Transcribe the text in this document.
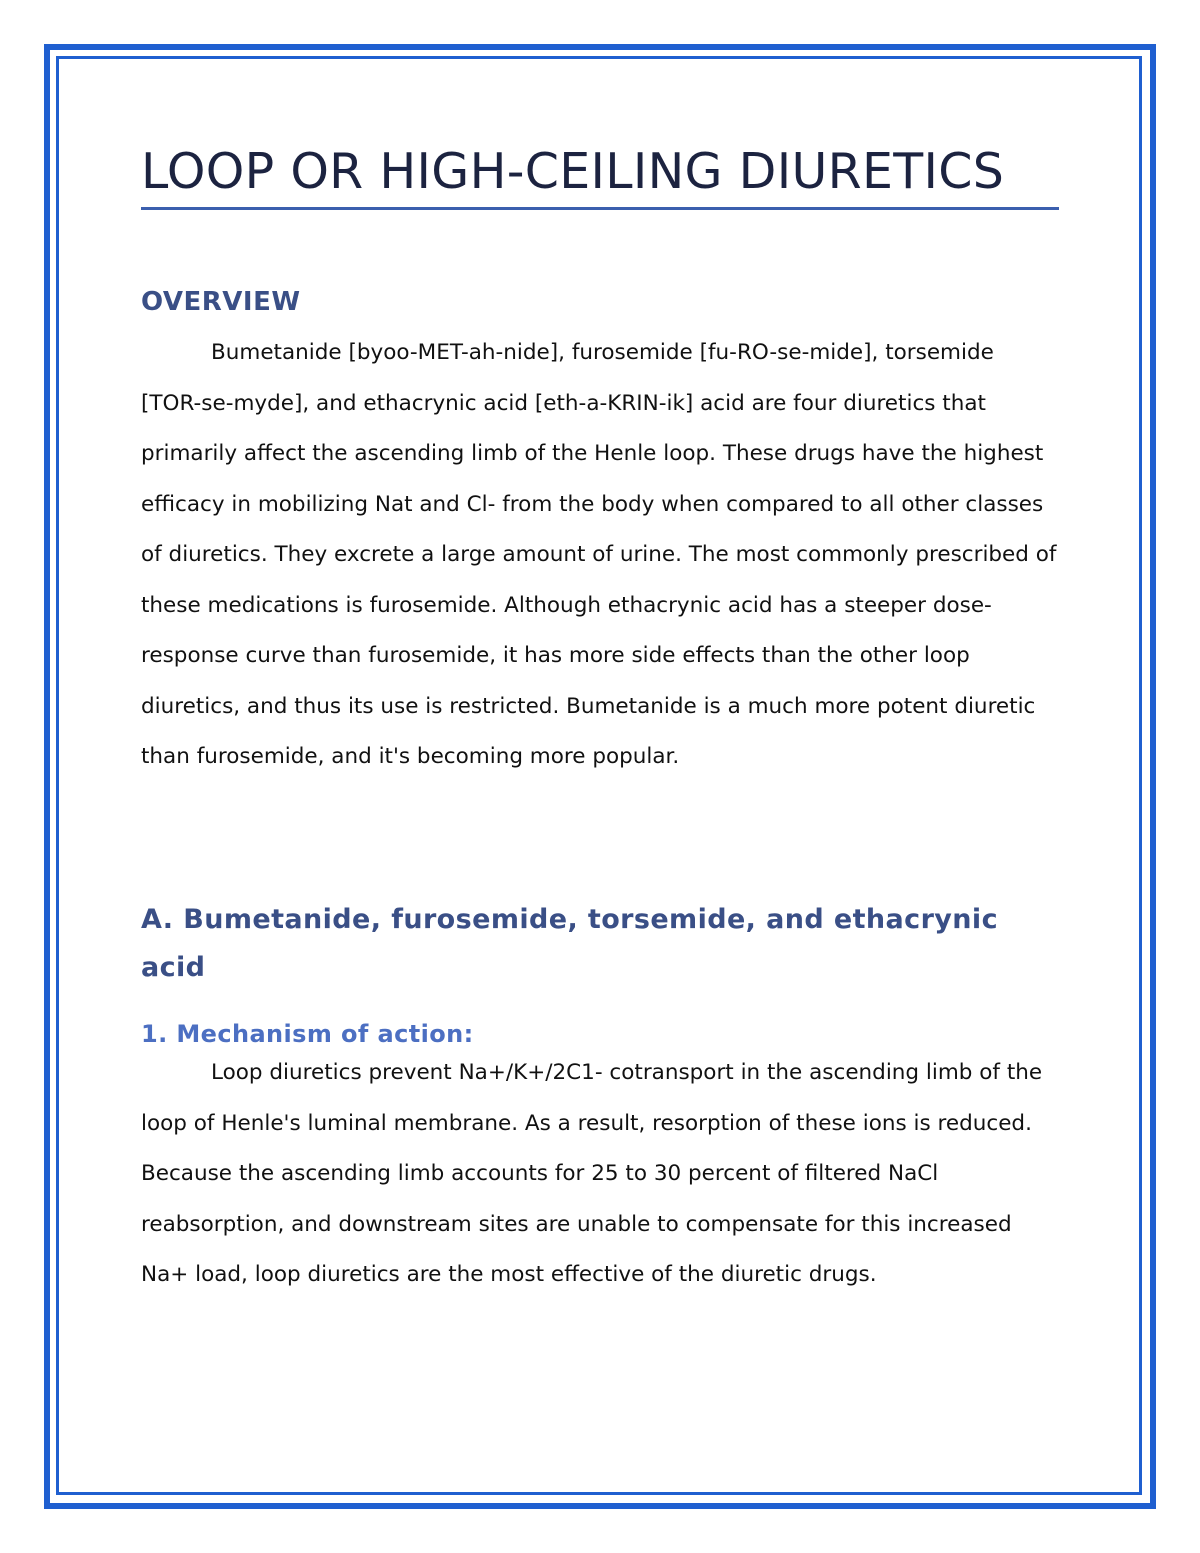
LOOP OR HIGH-CEILING DIURETICS
OVERVIEW

Bumetanide [byoo-MET-ah-nide], furosemide [fu-RO-se-mide], torsemide [TOR-se-myde], and ethacrynic acid [eth-a-KRIN-ik] acid are four diuretics that primarily affect the ascending limb of the Henle loop. These drugs have the highest efficacy in mobilizing Nat and Cl- from the body when compared to all other classes of diuretics. They excrete a large amount of urine. The most commonly prescribed of these medications is furosemide. Although ethacrynic acid has a steeper dose-response curve than furosemide, it has more side effects than the other loop diuretics, and thus its use is restricted. Bumetanide is a much more potent diuretic than furosemide, and it's becoming more popular.

A. Bumetanide, furosemide, torsemide, and ethacrynic acid
1. Mechanism of action:

Loop diuretics prevent Na+/K+/2C1- cotransport in the ascending limb of the loop of Henle's luminal membrane. As a result, resorption of these ions is reduced. Because the ascending limb accounts for 25 to 30 percent of filtered NaCl reabsorption, and downstream sites are unable to compensate for this increased Na+ load, loop diuretics are the most effective of the diuretic drugs.
